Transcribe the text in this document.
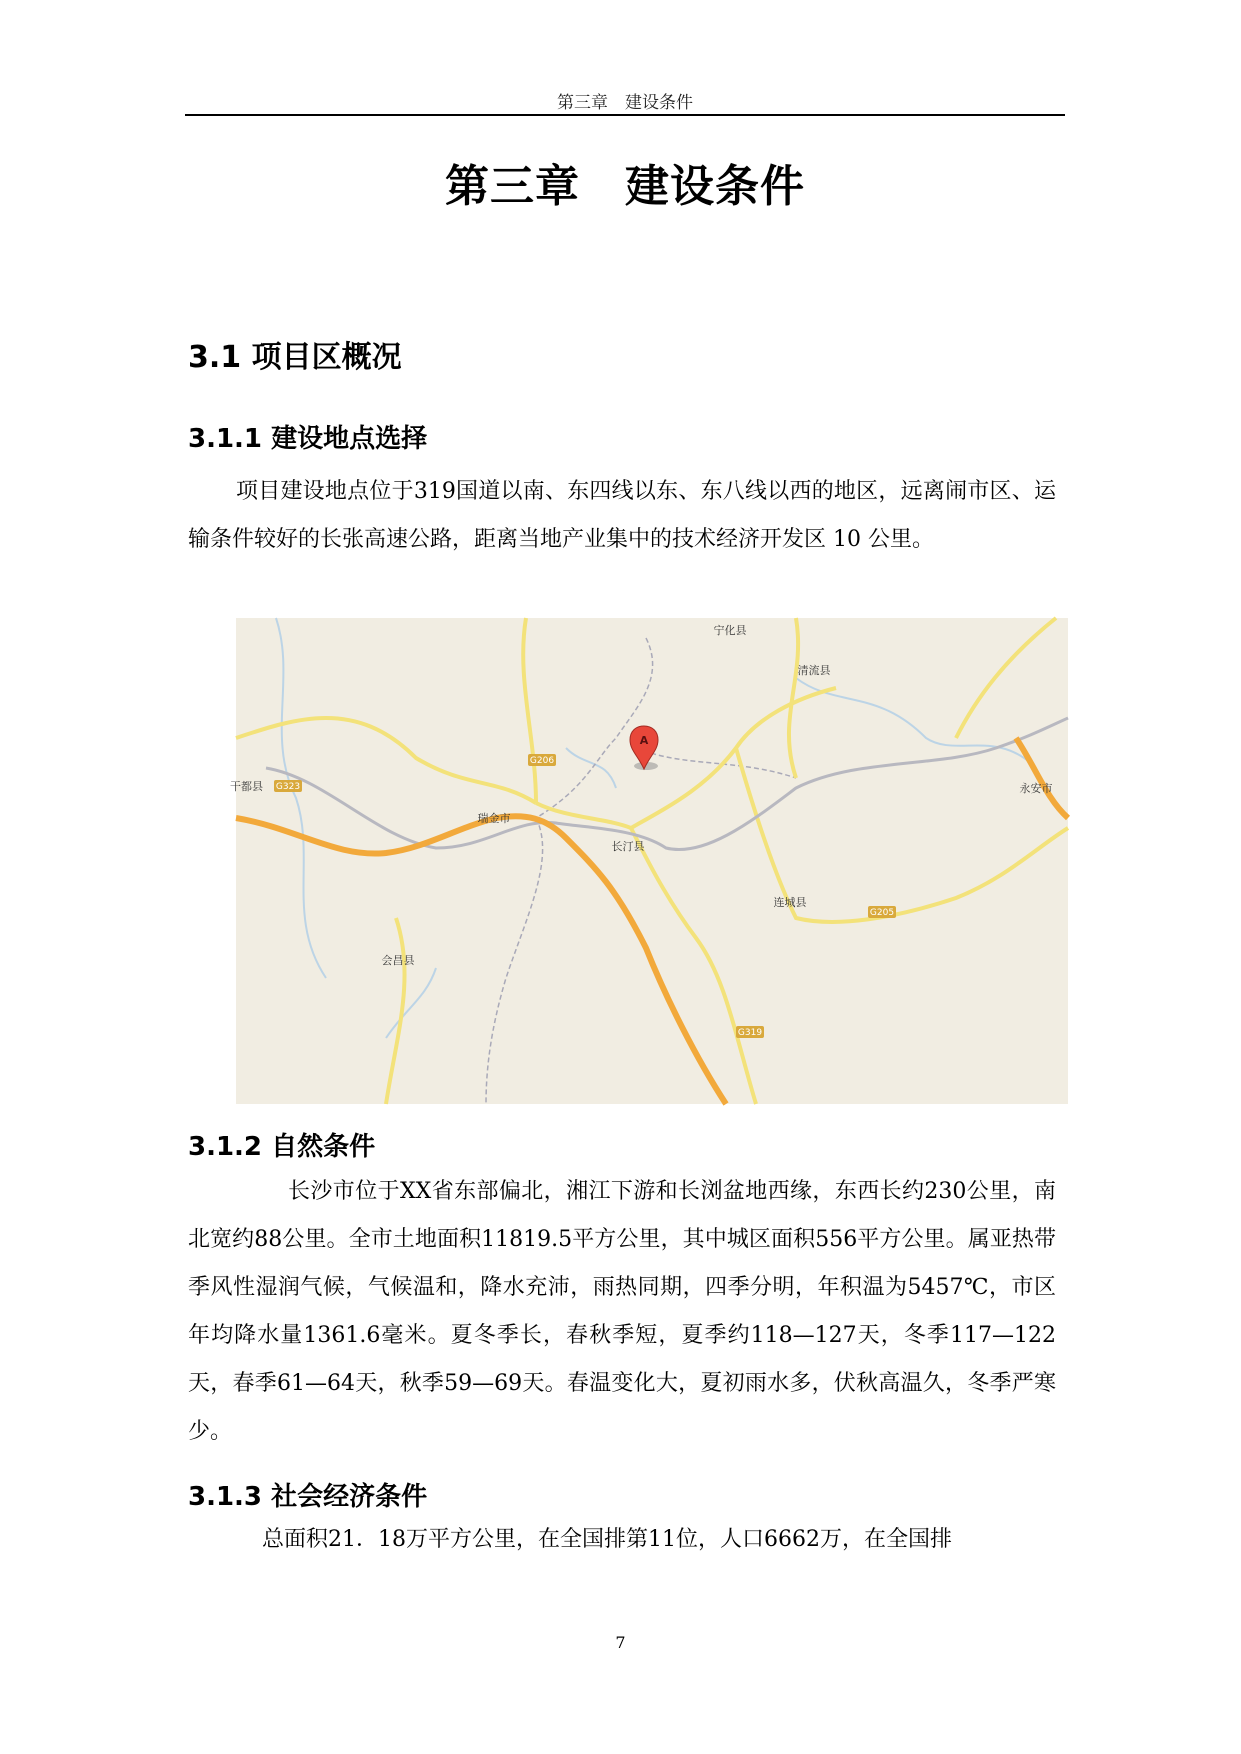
第三章　建设条件
第三章　建设条件
3.1 项目区概况
3.1.1 建设地点选择
项目建设地点位于319国道以南、东四线以东、东八线以西的地区，远离闹市区、运输条件较好的长张高速公路，距离当地产业集中的技术经济开发区 10 公里。
G206
G323
G205
G319
宁化县
清流县
干都县
瑞金市
长汀县
永安市
连城县
会昌县
A
3.1.2 自然条件
长沙市位于XX省东部偏北，湘江下游和长浏盆地西缘，东西长约230公里，南北宽约88公里。全市土地面积11819.5平方公里，其中城区面积556平方公里。属亚热带季风性湿润气候，气候温和，降水充沛，雨热同期，四季分明，年积温为5457℃，市区年均降水量1361.6毫米。夏冬季长，春秋季短，夏季约118—127天，冬季117—122天，春季61—64天，秋季59—69天。春温变化大，夏初雨水多，伏秋高温久，冬季严寒少。
3.1.3 社会经济条件
总面积21．18万平方公里，在全国排第11位，人口6662万，在全国排
7
